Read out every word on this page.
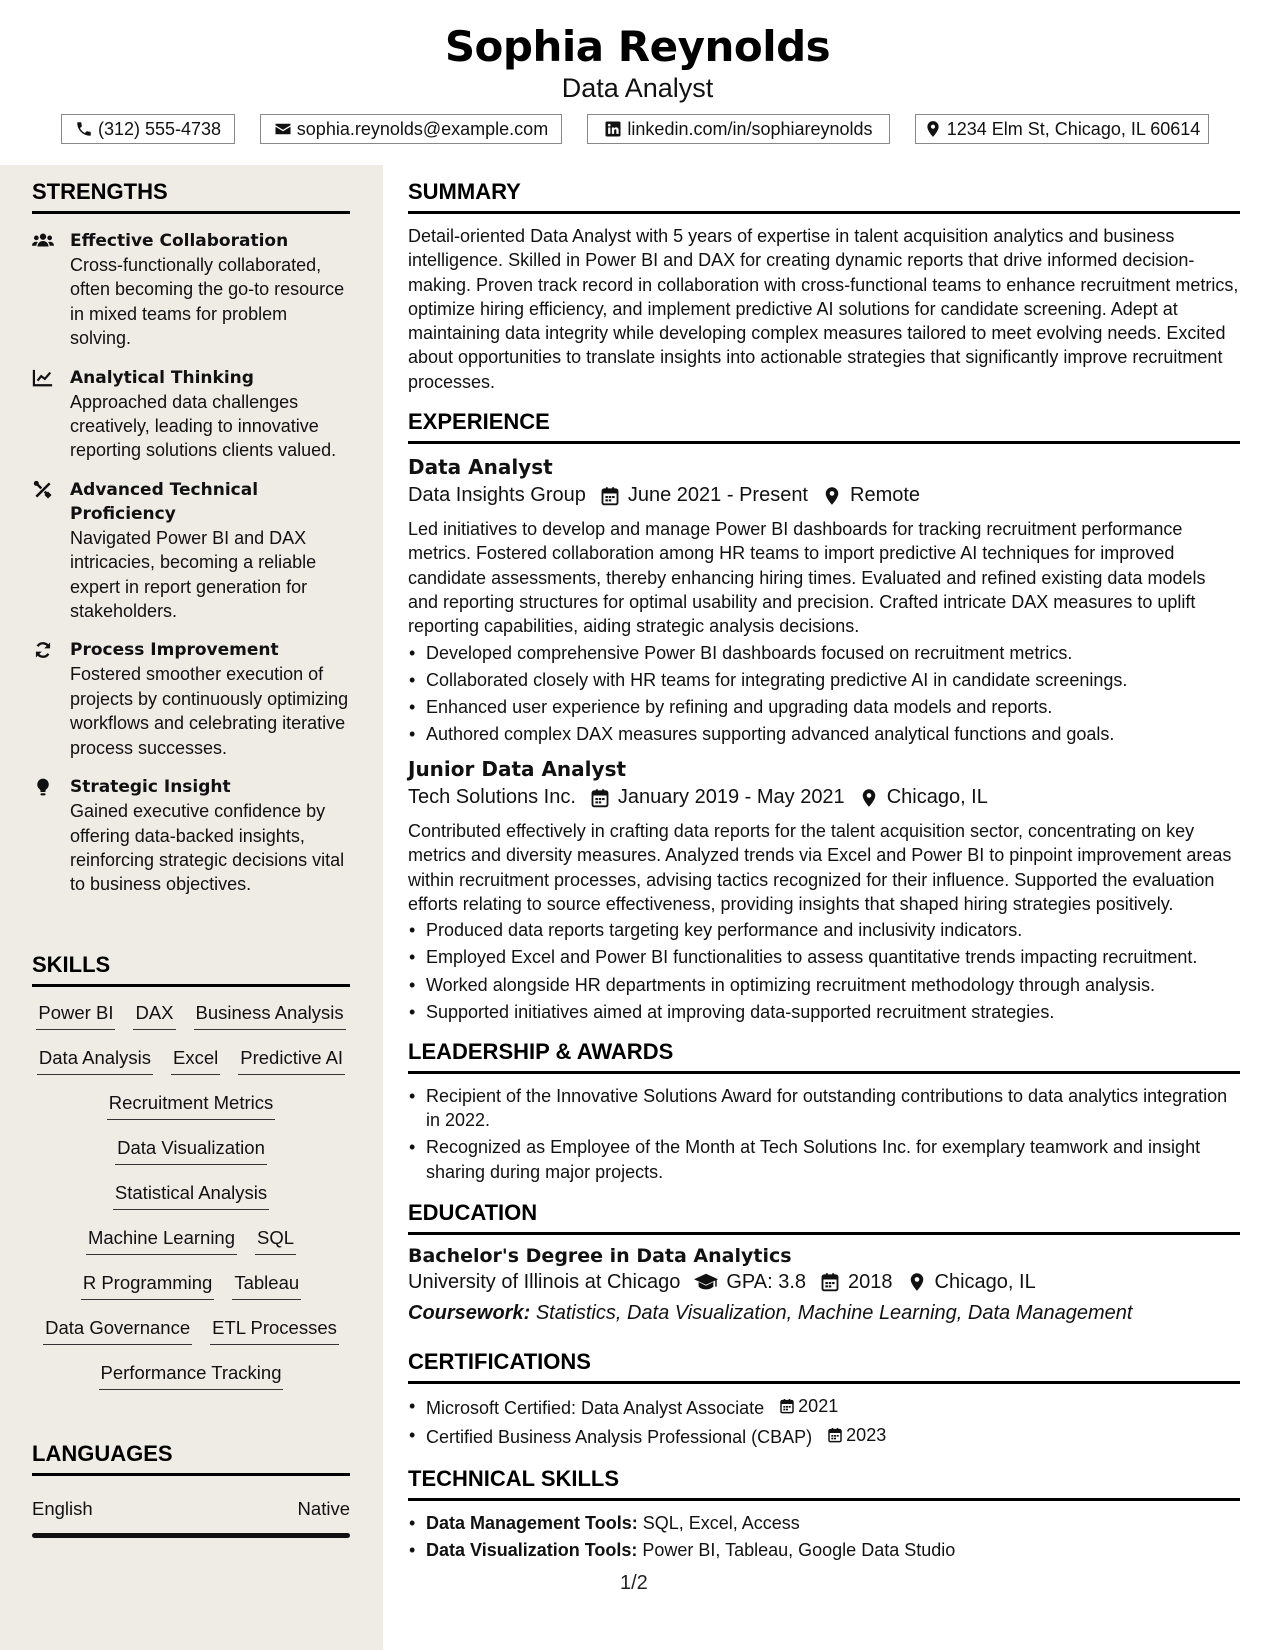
Sophia Reynolds
Data Analyst
(312) 555-4738	sophia.reynolds@example.com	linkedin.com/in/sophiareynolds	1234 Elm St, Chicago, IL 60614
STRENGTHS
Effective Collaboration
Cross-functionally collaborated, often becoming the go-to resource in mixed teams for problem solving.
Analytical Thinking
Approached data challenges creatively, leading to innovative reporting solutions clients valued.
Advanced Technical Proficiency
Navigated Power BI and DAX intricacies, becoming a reliable expert in report generation for stakeholders.
Process Improvement
Fostered smoother execution of projects by continuously optimizing workflows and celebrating iterative process successes.
Strategic Insight
Gained executive confidence by offering data-backed insights, reinforcing strategic decisions vital to business objectives.
SKILLS
Power BI DAX Business Analysis
Data Analysis Excel Predictive AI
Recruitment Metrics
Data Visualization
Statistical Analysis
Machine Learning SQL
R Programming Tableau
Data Governance ETL Processes
Performance Tracking
LANGUAGES
English	Native
SUMMARY
Detail-oriented Data Analyst with 5 years of expertise in talent acquisition analytics and business intelligence. Skilled in Power BI and DAX for creating dynamic reports that drive informed decision-making. Proven track record in collaboration with cross-functional teams to enhance recruitment metrics, optimize hiring efficiency, and implement predictive AI solutions for candidate screening. Adept at maintaining data integrity while developing complex measures tailored to meet evolving needs. Excited about opportunities to translate insights into actionable strategies that significantly improve recruitment processes.
EXPERIENCE
Data Analyst
Data Insights Group June 2021 - Present Remote
Led initiatives to develop and manage Power BI dashboards for tracking recruitment performance metrics. Fostered collaboration among HR teams to import predictive AI techniques for improved candidate assessments, thereby enhancing hiring times. Evaluated and refined existing data models and reporting structures for optimal usability and precision. Crafted intricate DAX measures to uplift reporting capabilities, aiding strategic analysis decisions.
• Developed comprehensive Power BI dashboards focused on recruitment metrics.
• Collaborated closely with HR teams for integrating predictive AI in candidate screenings.
• Enhanced user experience by refining and upgrading data models and reports.
• Authored complex DAX measures supporting advanced analytical functions and goals.
Junior Data Analyst
Tech Solutions Inc. January 2019 - May 2021 Chicago, IL
Contributed effectively in crafting data reports for the talent acquisition sector, concentrating on key metrics and diversity measures. Analyzed trends via Excel and Power BI to pinpoint improvement areas within recruitment processes, advising tactics recognized for their influence. Supported the evaluation efforts relating to source effectiveness, providing insights that shaped hiring strategies positively.
• Produced data reports targeting key performance and inclusivity indicators.
• Employed Excel and Power BI functionalities to assess quantitative trends impacting recruitment.
• Worked alongside HR departments in optimizing recruitment methodology through analysis.
• Supported initiatives aimed at improving data-supported recruitment strategies.
LEADERSHIP & AWARDS
• Recipient of the Innovative Solutions Award for outstanding contributions to data analytics integration in 2022.
• Recognized as Employee of the Month at Tech Solutions Inc. for exemplary teamwork and insight sharing during major projects.
EDUCATION
Bachelor's Degree in Data Analytics
University of Illinois at Chicago GPA: 3.8 2018 Chicago, IL
Coursework: Statistics, Data Visualization, Machine Learning, Data Management
CERTIFICATIONS
• Microsoft Certified: Data Analyst Associate 2021
• Certified Business Analysis Professional (CBAP) 2023
TECHNICAL SKILLS
• Data Management Tools: SQL, Excel, Access
• Data Visualization Tools: Power BI, Tableau, Google Data Studio
1/2
